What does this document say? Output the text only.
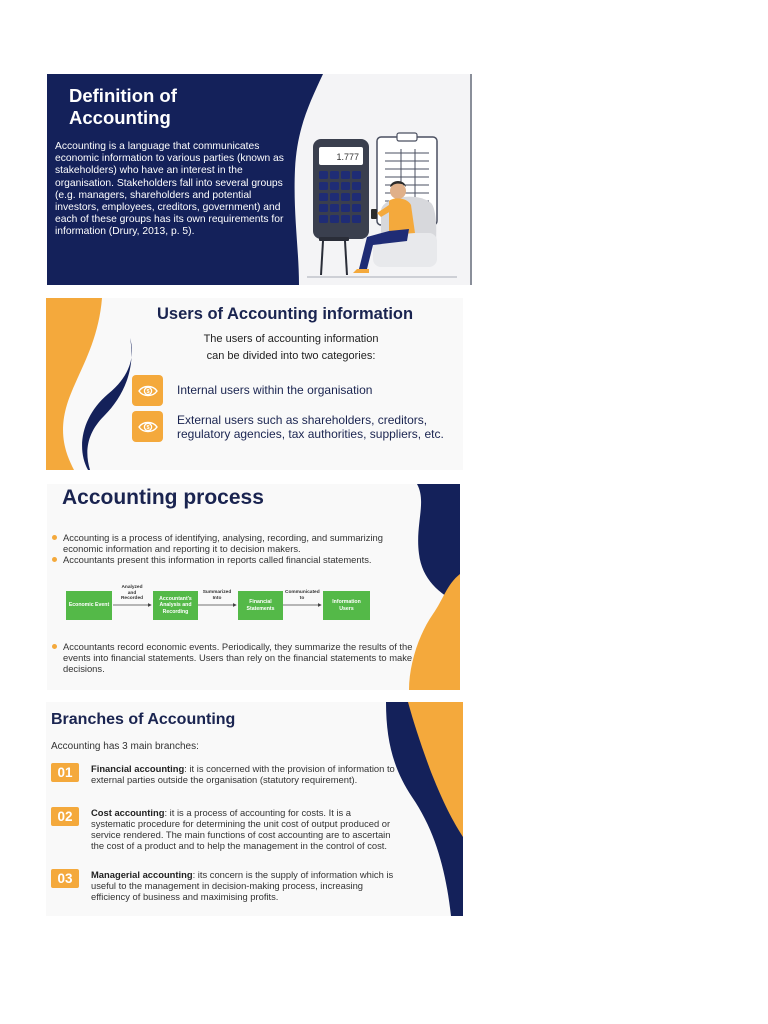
Definition of
Accounting
Accounting is a language that communicates economic information to various parties (known as stakeholders) who have an interest in the organisation. Stakeholders fall into several groups (e.g. managers, shareholders and potential investors, employees, creditors, government) and each of these groups has its own requirements for information (Drury, 2013, p. 5).
1.777
Users of Accounting information
The users of accounting information
can be divided into two categories:
$ Internal users within the organisation
$
External users such as shareholders, creditors, regulatory agencies, tax authorities, suppliers, etc.
Accounting process
Accounting is a process of identifying, analysing, recording, and summarizing economic information and reporting it to decision makers.
Accountants present this information in reports called financial statements.
Economic Event
Accountant's Analysis and Recording
Financial Statements
Information Users
Analyzed and Recorded
Summarized Into
Communicated to
Accountants record economic events. Periodically, they summarize the results of the events into financial statements. Users than rely on the financial statements to make decisions.
Branches of Accounting
Accounting has 3 main branches:
01	Financial accounting: it is concerned with the provision of information to external parties outside the organisation (statutory requirement).
02	Cost accounting: it is a process of accounting for costs. It is a systematic procedure for determining the unit cost of output produced or service rendered. The main functions of cost accounting are to ascertain the cost of a product and to help the management in the control of cost.
03	Managerial accounting: its concern is the supply of information which is useful to the management in decision-making process, increasing efficiency of business and maximising profits.
